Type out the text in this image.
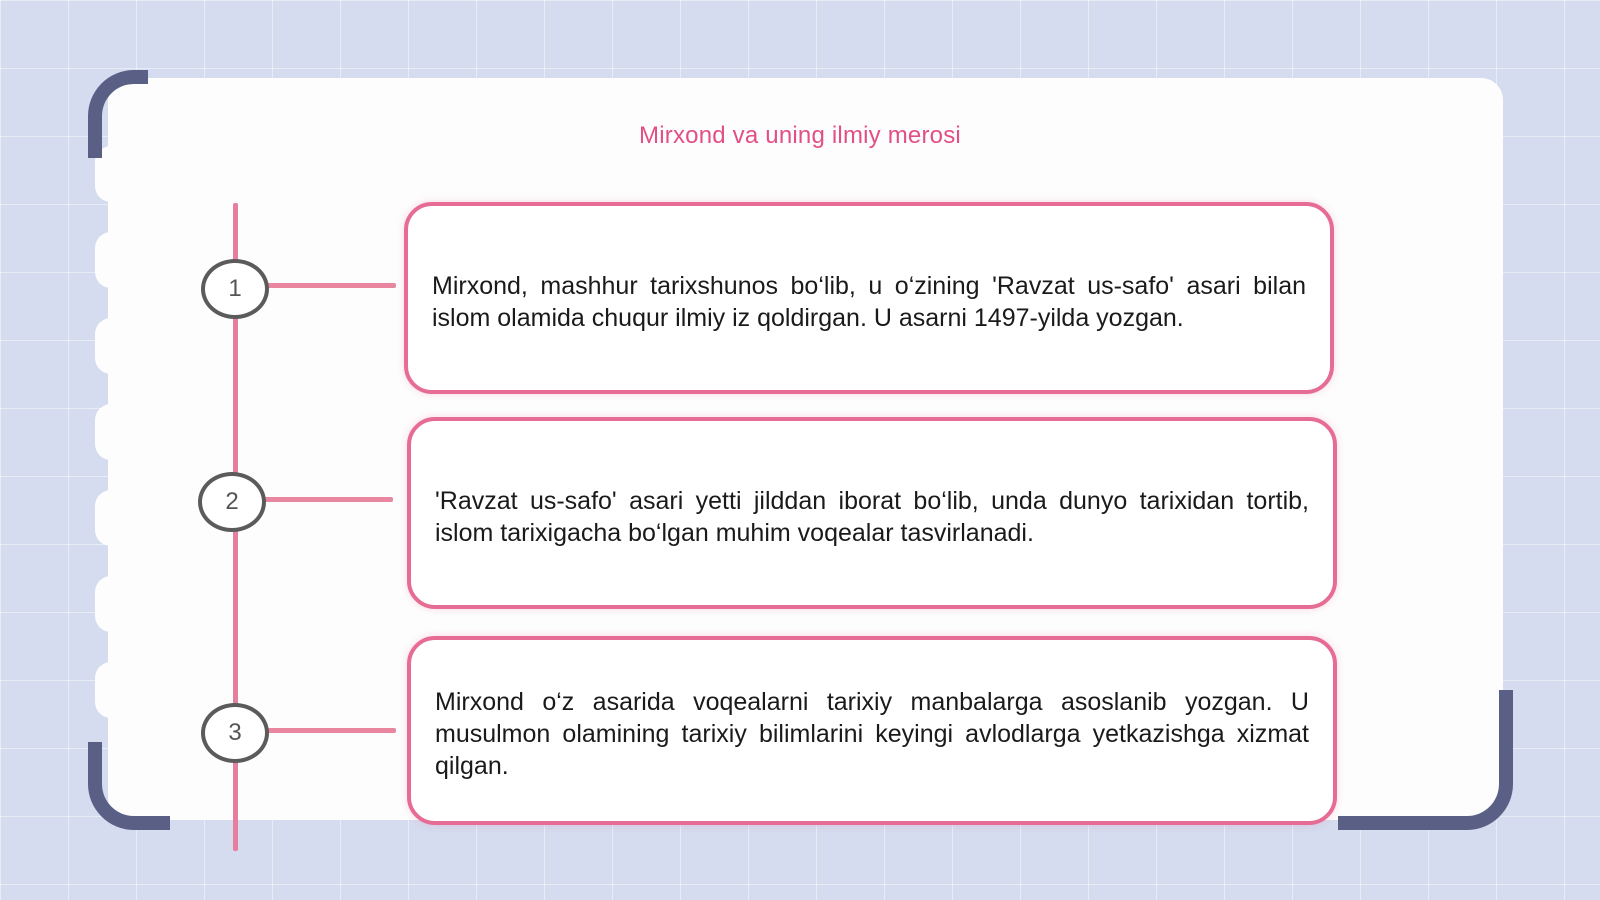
Mirxond va uning ilmiy merosi
1
2
3
Mirxond, mashhur tarixshunos bo‘lib, u o‘zining 'Ravzat us-safo' asari bilan islom olamida chuqur ilmiy iz qoldirgan. U asarni 1497-yilda yozgan.
'Ravzat us-safo' asari yetti jilddan iborat bo‘lib, unda dunyo tarixidan tortib, islom tarixigacha bo‘lgan muhim voqealar tasvirlanadi.
Mirxond o‘z asarida voqealarni tarixiy manbalarga asoslanib yozgan. U musulmon olamining tarixiy bilimlarini keyingi avlodlarga yetkazishga xizmat qilgan.
